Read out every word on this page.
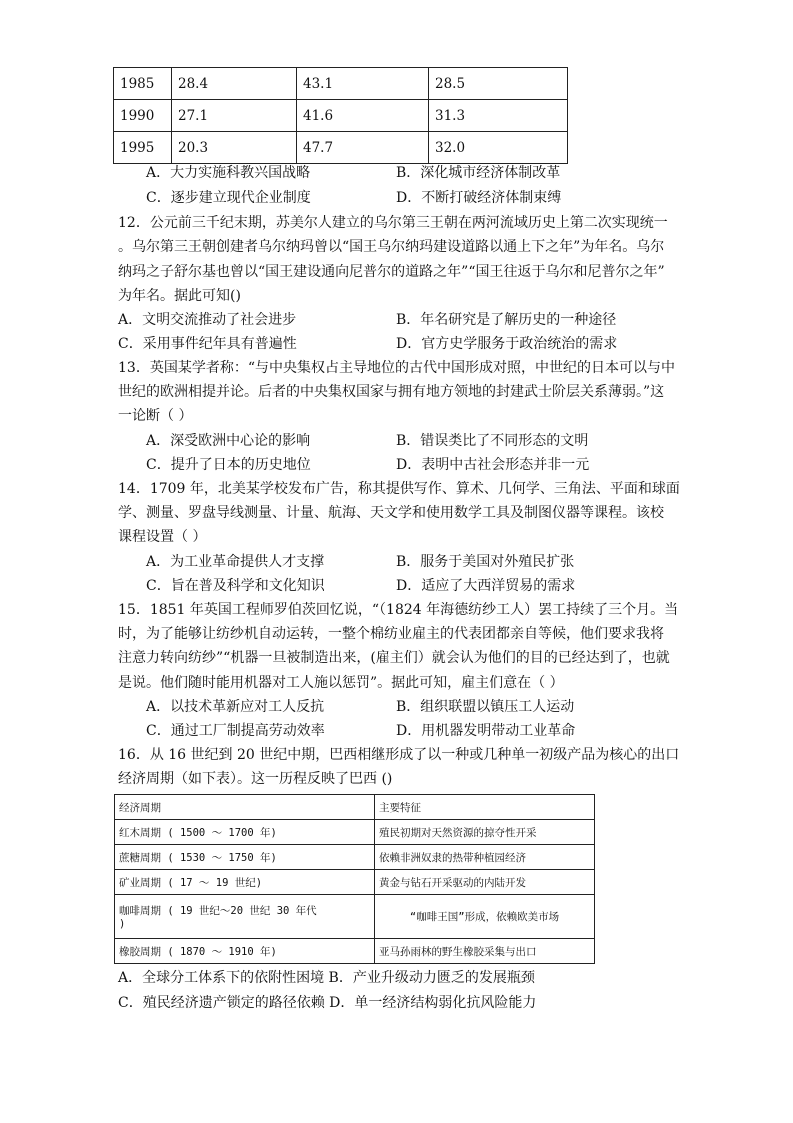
1985	28.4	43.1	28.5
1990	27.1	41.6	31.3
1995	20.3	47.7	32.0
A．大力实施科教兴国战略	B．深化城市经济体制改革
C．逐步建立现代企业制度	D．不断打破经济体制束缚
12．公元前三千纪末期，苏美尔人建立的乌尔第三王朝在两河流域历史上第二次实现统一
。乌尔第三王朝创建者乌尔纳玛曾以“国王乌尔纳玛建设道路以通上下之年”为年名。乌尔
纳玛之子舒尔基也曾以“国王建设通向尼普尔的道路之年”“国王往返于乌尔和尼普尔之年”
为年名。据此可知()
A．文明交流推动了社会进步	B．年名研究是了解历史的一种途径
C．采用事件纪年具有普遍性	D．官方史学服务于政治统治的需求
13．英国某学者称：“与中央集权占主导地位的古代中国形成对照，中世纪的日本可以与中
世纪的欧洲相提并论。后者的中央集权国家与拥有地方领地的封建武士阶层关系薄弱。”这
一论断（ ）
A．深受欧洲中心论的影响	B．错误类比了不同形态的文明
C．提升了日本的历史地位	D．表明中古社会形态并非一元
14．1709 年，北美某学校发布广告，称其提供写作、算术、几何学、三角法、平面和球面
学、测量、罗盘导线测量、计量、航海、天文学和使用数学工具及制图仪器等课程。该校
课程设置（ ）
A．为工业革命提供人才支撑	B．服务于美国对外殖民扩张
C．旨在普及科学和文化知识	D．适应了大西洋贸易的需求
15．1851 年英国工程师罗伯茨回忆说，“（1824 年海德纺纱工人）罢工持续了三个月。当
时，为了能够让纺纱机自动运转，一整个棉纺业雇主的代表团都亲自等候，他们要求我将
注意力转向纺纱”“机器一旦被制造出来，(雇主们）就会认为他们的目的已经达到了，也就
是说。他们随时能用机器对工人施以惩罚”。据此可知，雇主们意在（ ）
A．以技术革新应对工人反抗	B．组织联盟以镇压工人运动
C．通过工厂制提高劳动效率	D．用机器发明带动工业革命
16．从 16 世纪到 20 世纪中期，巴西相继形成了以一种或几种单一初级产品为核心的出口
经济周期（如下表）。这一历程反映了巴西 ()
经济周期	主要特征
红木周期 ( 1500 ～ 1700 年)	殖民初期对天然资源的掠夺性开采
蔗糖周期 ( 1530 ～ 1750 年)	依赖非洲奴隶的热带种植园经济
矿业周期 ( 17 ～ 19 世纪)	黄金与钻石开采驱动的内陆开发

咖啡周期 ( 19 世纪～20 世纪 30 年代
)	“咖啡王国”形成，依赖欧美市场
橡胶周期 ( 1870 ～ 1910 年)	亚马孙雨林的野生橡胶采集与出口
A．全球分工体系下的依附性困境 B．产业升级动力匮乏的发展瓶颈
C．殖民经济遗产锁定的路径依赖 D．单一经济结构弱化抗风险能力
